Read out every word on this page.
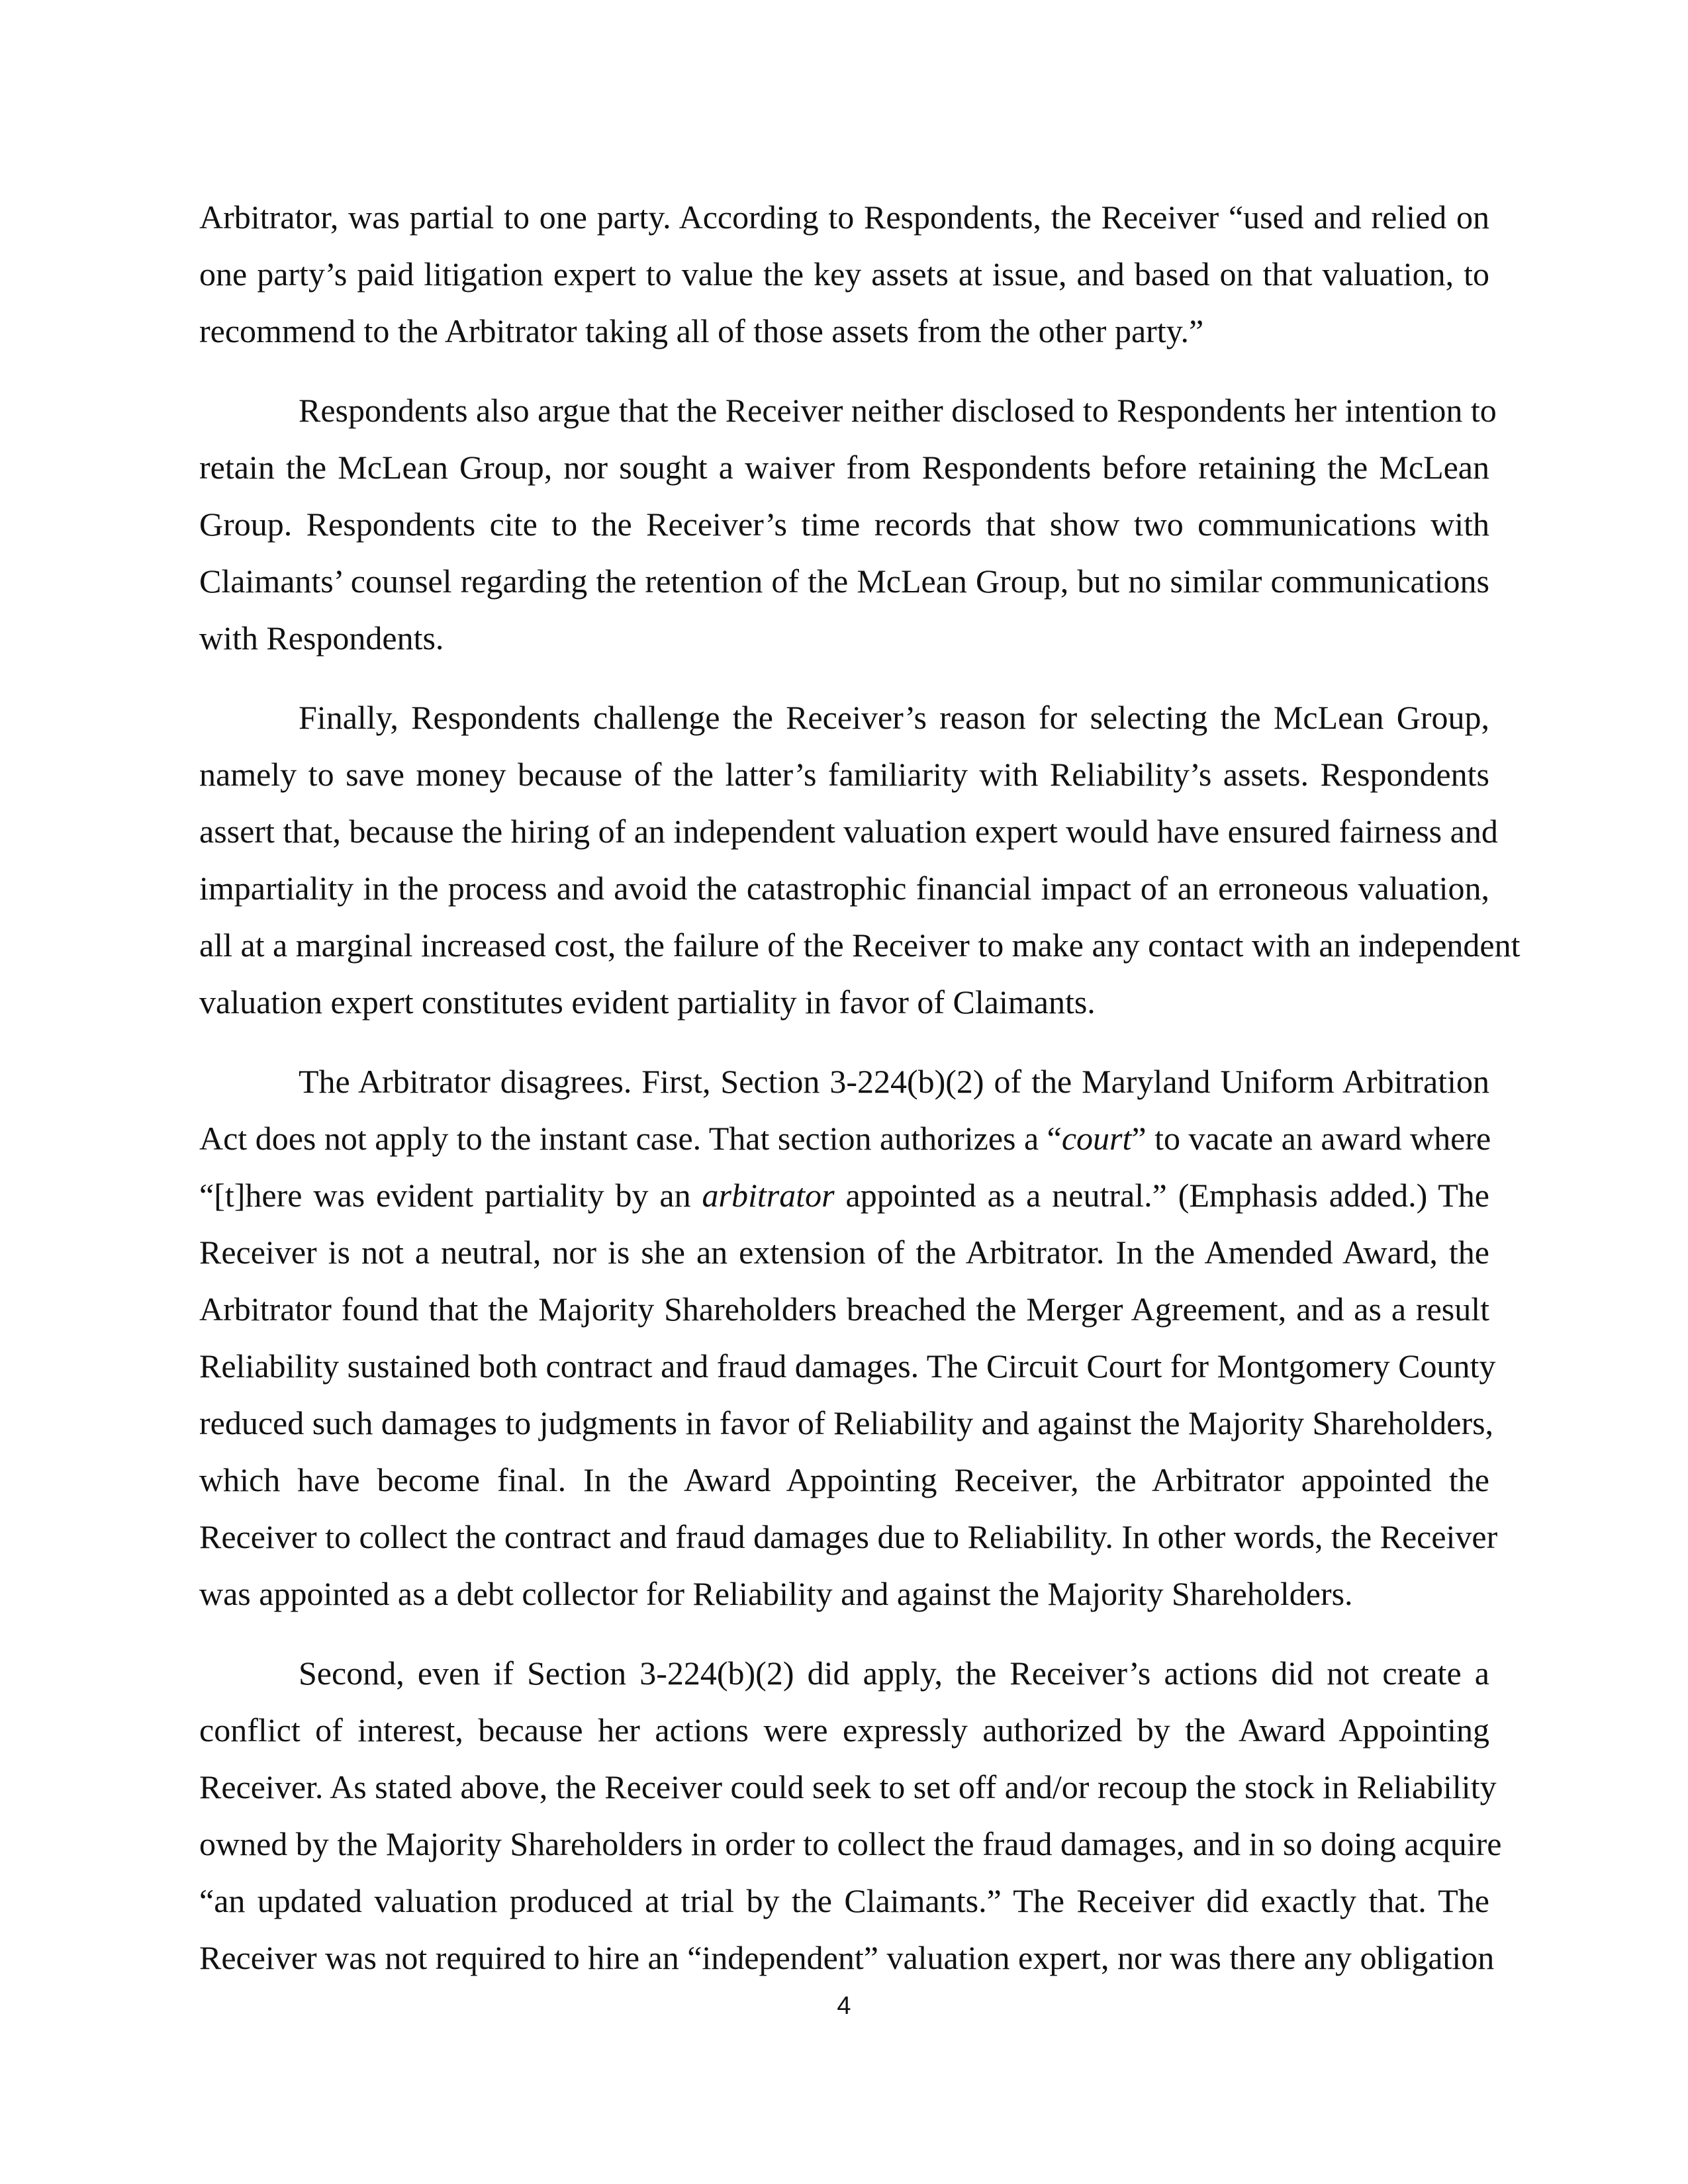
Arbitrator, was partial to one party. According to Respondents, the Receiver “used and relied on
one party’s paid litigation expert to value the key assets at issue, and based on that valuation, to
recommend to the Arbitrator taking all of those assets from the other party.”
Respondents also argue that the Receiver neither disclosed to Respondents her intention to
retain the McLean Group, nor sought a waiver from Respondents before retaining the McLean
Group. Respondents cite to the Receiver’s time records that show two communications with
Claimants’ counsel regarding the retention of the McLean Group, but no similar communications
with Respondents.
Finally, Respondents challenge the Receiver’s reason for selecting the McLean Group,
namely to save money because of the latter’s familiarity with Reliability’s assets. Respondents
assert that, because the hiring of an independent valuation expert would have ensured fairness and
impartiality in the process and avoid the catastrophic financial impact of an erroneous valuation,
all at a marginal increased cost, the failure of the Receiver to make any contact with an independent
valuation expert constitutes evident partiality in favor of Claimants.
The Arbitrator disagrees. First, Section 3-224(b)(2) of the Maryland Uniform Arbitration
Act does not apply to the instant case. That section authorizes a “court” to vacate an award where
“[t]here was evident partiality by an arbitrator appointed as a neutral.” (Emphasis added.) The
Receiver is not a neutral, nor is she an extension of the Arbitrator. In the Amended Award, the
Arbitrator found that the Majority Shareholders breached the Merger Agreement, and as a result
Reliability sustained both contract and fraud damages. The Circuit Court for Montgomery County
reduced such damages to judgments in favor of Reliability and against the Majority Shareholders,
which have become final. In the Award Appointing Receiver, the Arbitrator appointed the
Receiver to collect the contract and fraud damages due to Reliability. In other words, the Receiver
was appointed as a debt collector for Reliability and against the Majority Shareholders.
Second, even if Section 3-224(b)(2) did apply, the Receiver’s actions did not create a
conflict of interest, because her actions were expressly authorized by the Award Appointing
Receiver. As stated above, the Receiver could seek to set off and/or recoup the stock in Reliability
owned by the Majority Shareholders in order to collect the fraud damages, and in so doing acquire
“an updated valuation produced at trial by the Claimants.” The Receiver did exactly that. The
Receiver was not required to hire an “independent” valuation expert, nor was there any obligation
4
